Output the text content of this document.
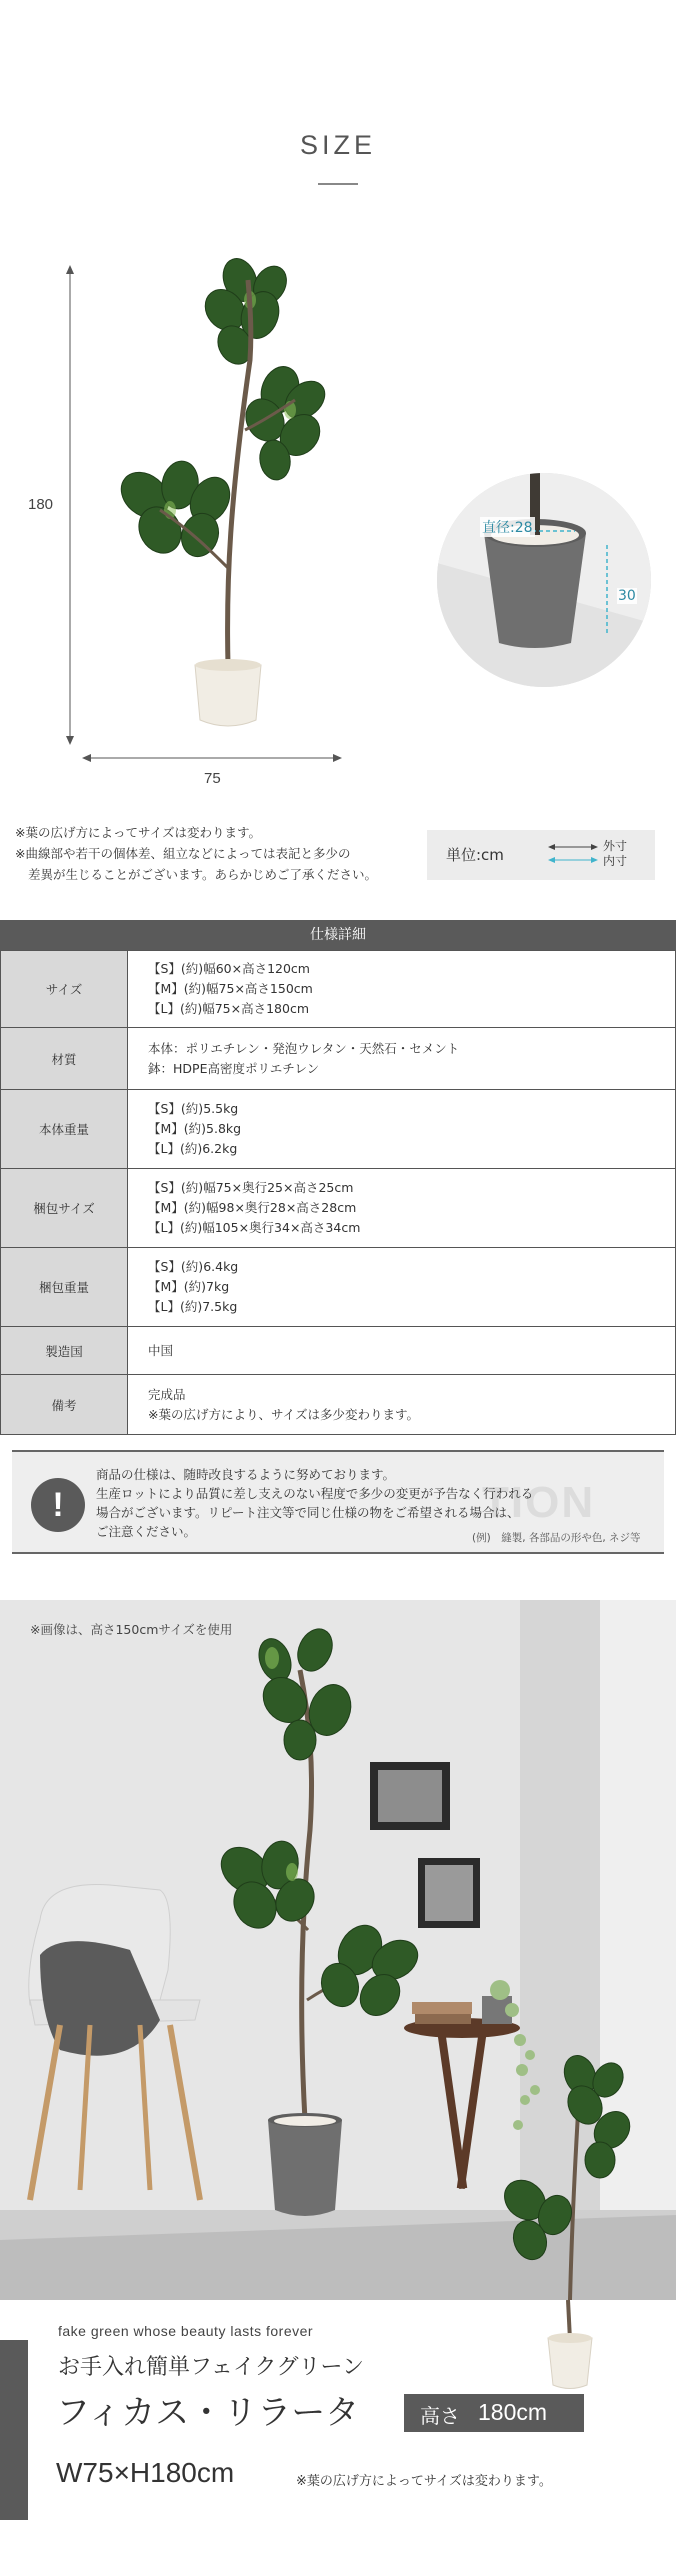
SIZE
180
75
直径:28
30
※葉の広げ方によってサイズは変わります。
※曲線部や若干の個体差、組立などによっては表記と多少の
差異が生じることがございます。あらかじめご了承ください。
単位:cm	外寸
内寸
仕様詳細
サイズ	【S】(約)幅60×高さ120cm
【M】(約)幅75×高さ150cm
【L】(約)幅75×高さ180cm

材質	本体：ポリエチレン・発泡ウレタン・天然石・セメント
鉢：HDPE高密度ポリエチレン

本体重量	【S】(約)5.5kg
【M】(約)5.8kg
【L】(約)6.2kg

梱包サイズ	【S】(約)幅75×奥行25×高さ25cm
【M】(約)幅98×奥行28×高さ28cm
【L】(約)幅105×奥行34×高さ34cm

梱包重量	【S】(約)6.4kg
【M】(約)7kg
【L】(約)7.5kg

製造国	中国

備考	完成品
※葉の広げ方により、サイズは多少変わります。
TION
!
商品の仕様は、随時改良するように努めております。
生産ロットにより品質に差し支えのない程度で多少の変更が予告なく行われる
場合がございます。リピート注文等で同じ仕様の物をご希望される場合は、
ご注意ください。	(例)　縫製, 各部品の形や色, ネジ等
※画像は、高さ150cmサイズを使用
fake green whose beauty lasts forever
お手入れ簡単フェイクグリーン
フィカス・リラータ	高さ 180cm
W75×H180cm	※葉の広げ方によってサイズは変わります。
